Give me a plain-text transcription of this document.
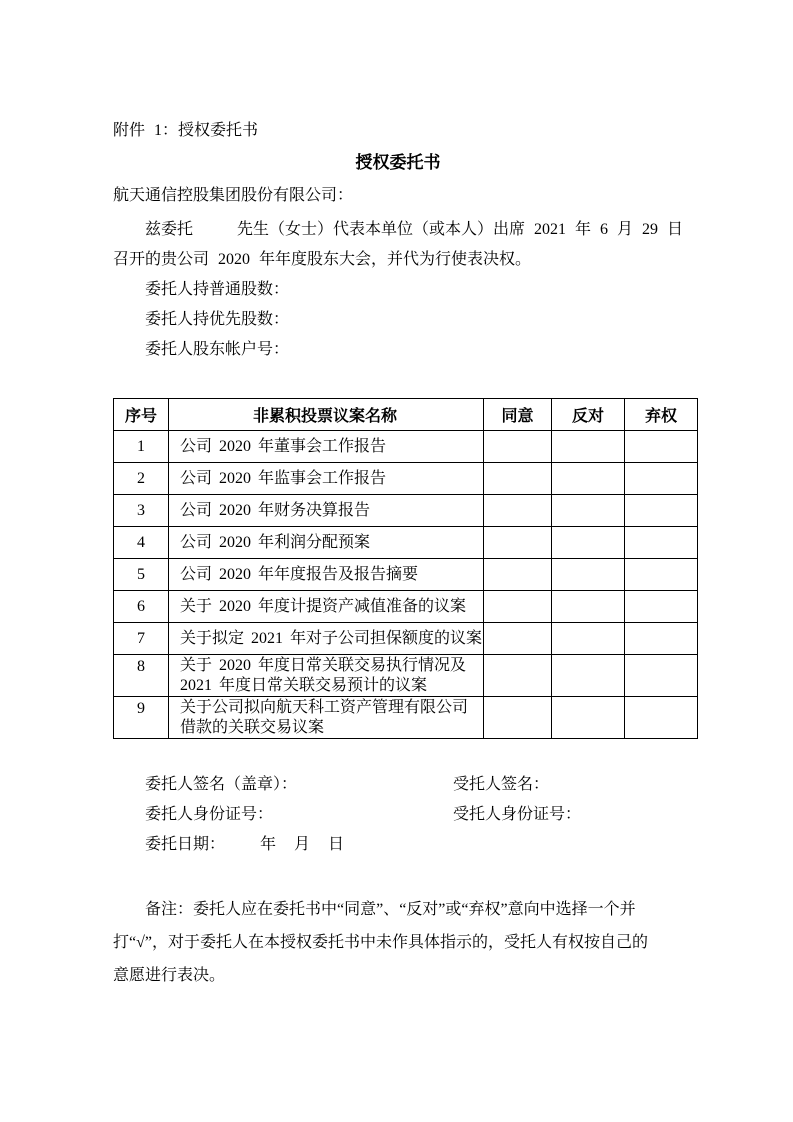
附件 1：授权委托书
授权委托书
航天通信控股集团股份有限公司：
兹委托	先生（女士）代表本单位（或本人）出席 2021 年 6 月 29 日
召开的贵公司 2020 年年度股东大会，并代为行使表决权。
委托人持普通股数：
委托人持优先股数：
委托人股东帐户号：
序号	非累积投票议案名称	同意	反对	弃权
1	公司 2020 年董事会工作报告			

2	公司 2020 年监事会工作报告			

3	公司 2020 年财务决算报告			

4	公司 2020 年利润分配预案			

5	公司 2020 年年度报告及报告摘要			

6	关于 2020 年度计提资产减值准备的议案			

7	关于拟定 2021 年对子公司担保额度的议案			

8	关于 2020 年度日常关联交易执行情况及
2021 年度日常关联交易预计的议案			

9	关于公司拟向航天科工资产管理有限公司
借款的关联交易议案			

委托人签名（盖章）：	受托人签名：
委托人身份证号：	受托人身份证号：
委托日期： 年 月 日
备注：委托人应在委托书中“同意”、“反对”或“弃权”意向中选择一个并
打“√”，对于委托人在本授权委托书中未作具体指示的，受托人有权按自己的
意愿进行表决。
